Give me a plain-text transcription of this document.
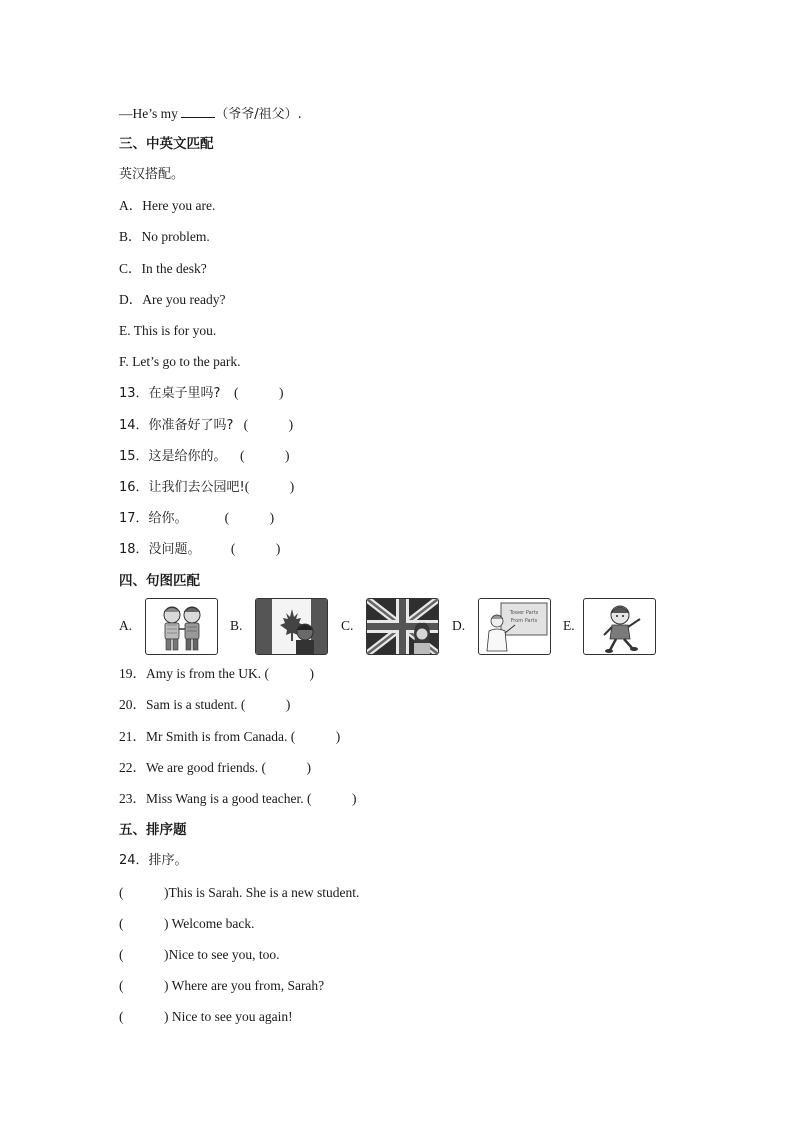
—He’s my	（爷爷/祖父）.
三、中英文匹配
英汉搭配。
A．Here you are.
B．No problem.
C．In the desk?
D．Are you ready?
E. This is for you.
F. Let’s go to the park.
13．在桌子里吗? (            )
14．你准备好了吗? (            )
15．这是给你的。 (            )
16．让我们去公园吧!(            )
17．给你。	(            )
18．没问题。 (            )
四、句图匹配
A.	B.	C.	D.
Tower Parts
From Parts E.
19．Amy is from the UK. (            )
20．Sam is a student. (            )
21．Mr Smith is from Canada. (            )
22．We are good friends. (            )
23．Miss Wang is a good teacher. (            )
五、排序题
24．排序。
(            )This is Sarah. She is a new student.
(            ) Welcome back.
(            )Nice to see you, too.
(            ) Where are you from, Sarah?
(            ) Nice to see you again!
